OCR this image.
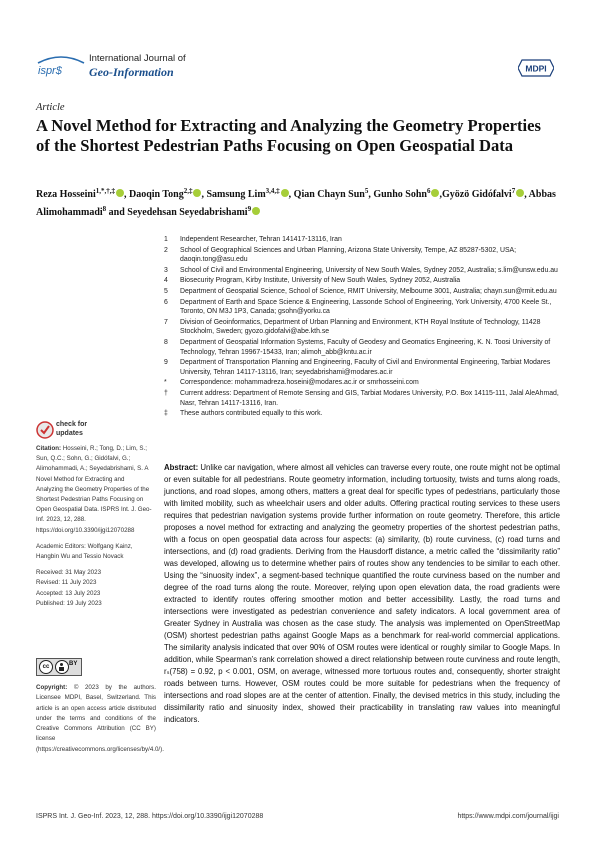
ispr$
International Journal of
Geo-Information	MDPI
Article
A Novel Method for Extracting and Analyzing the Geometry Properties of the Shortest Pedestrian Paths Focusing on Open Geospatial Data
Reza Hosseini$^{1,*,\dagger,\ddagger}$ , Daoqin Tong$^{2,\ddagger}$ , Samsung Lim$^{3,4,\ddagger}$ , Qian Chayn Sun$^5$, Gunho Sohn$^6$ ,Gyözö Gidófalvi$^7$ , Abbas Alimohammadi$^8$ and Seyedehsan Seyedabrishami$^9$
1	Independent Researcher, Tehran 141417-13116, Iran
2	School of Geographical Sciences and Urban Planning, Arizona State University, Tempe, AZ 85287-5302, USA; daoqin.tong@asu.edu
3	School of Civil and Environmental Engineering, University of New South Wales, Sydney 2052, Australia; s.lim@unsw.edu.au
4	Biosecurity Program, Kirby Institute, University of New South Wales, Sydney 2052, Australia
5	Department of Geospatial Science, School of Science, RMIT University, Melbourne 3001, Australia; chayn.sun@rmit.edu.au
6	Department of Earth and Space Science & Engineering, Lassonde School of Engineering, York University, 4700 Keele St., Toronto, ON M3J 1P3, Canada; gsohn@yorku.ca
7	Division of Geoinformatics, Department of Urban Planning and Environment, KTH Royal Institute of Technology, 11428 Stockholm, Sweden; gyozo.gidofalvi@abe.kth.se
8	Department of Geospatial Information Systems, Faculty of Geodesy and Geomatics Engineering, K. N. Toosi University of Technology, Tehran 19967-15433, Iran; alimoh_abb@kntu.ac.ir
9	Department of Transportation Planning and Engineering, Faculty of Civil and Environmental Engineering, Tarbiat Modares University, Tehran 14117-13116, Iran; seyedabrishami@modares.ac.ir
*	Correspondence: mohammadreza.hoseini@modares.ac.ir or smrhosseini.com
†	Current address: Department of Remote Sensing and GIS, Tarbiat Modares University, P.O. Box 14115-111, Jalal AleAhmad, Nasr, Tehran 14117-13116, Iran.
‡	These authors contributed equally to this work.
check for
updates
Citation: Hosseini, R.; Tong, D.; Lim, S.; Sun, Q.C.; Sohn, G.; Gidófalvi, G.; Alimohammadi, A.; Seyedabrishami, S. A Novel Method for Extracting and Analyzing the Geometry Properties of the Shortest Pedestrian Paths Focusing on Open Geospatial Data. ISPRS Int. J. Geo-Inf. 2023, 12, 288. https://doi.org/10.3390/ijgi12070288
Academic Editors: Wolfgang Kainz, Hangbin Wu and Tessio Novack
Received: 31 May 2023
Revised: 11 July 2023
Accepted: 13 July 2023
Published: 19 July 2023
cc	BY
Copyright: © 2023 by the authors. Licensee MDPI, Basel, Switzerland. This article is an open access article distributed under the terms and conditions of the Creative Commons Attribution (CC BY) license (https://creativecommons.org/licenses/by/4.0/).
Abstract: Unlike car navigation, where almost all vehicles can traverse every route, one route might not be optimal or even suitable for all pedestrians. Route geometry information, including tortuosity, twists and turns along roads, junctions, and road slopes, among others, matters a great deal for specific types of pedestrians, particularly those with limited mobility, such as wheelchair users and older adults. Offering practical routing services to these users requires that pedestrian navigation systems provide further information on route geometry. Therefore, this article proposes a novel method for extracting and analyzing the geometry properties of the shortest pedestrian paths, with a focus on open geospatial data across four aspects: (a) similarity, (b) route curviness, (c) road turns and intersections, and (d) road gradients. Deriving from the Hausdorff distance, a metric called the “dissimilarity ratio” was developed, allowing us to determine whether pairs of routes show any tendencies to be similar to each other. Using the “sinuosity index”, a segment-based technique quantified the route curviness based on the number and degree of the road turns along the route. Moreover, relying upon open elevation data, the road gradients were extracted to identify routes offering smoother motion and better accessibility. Lastly, the road turns and intersections were investigated as pedestrian convenience and safety indicators. A local government area of Greater Sydney in Australia was chosen as the case study. The analysis was implemented on OpenStreetMap (OSM) shortest pedestrian paths against Google Maps as a benchmark for real-world commercial applications. The similarity analysis indicated that over 90% of OSM routes were identical or roughly similar to Google Maps. In addition, while Spearman’s rank correlation showed a direct relationship between route curviness and route length, rₛ(758) = 0.92, p < 0.001, OSM, on average, witnessed more tortuous routes and, consequently, shorter straight roads between turns. However, OSM routes could be more suitable for pedestrians when the frequency of intersections and road slopes are at the center of attention. Finally, the devised metrics in this study, including the dissimilarity ratio and sinuosity index, showed their practicability in translating raw values into meaningful indicators.
ISPRS Int. J. Geo-Inf. 2023, 12, 288. https://doi.org/10.3390/ijgi12070288	https://www.mdpi.com/journal/ijgi
